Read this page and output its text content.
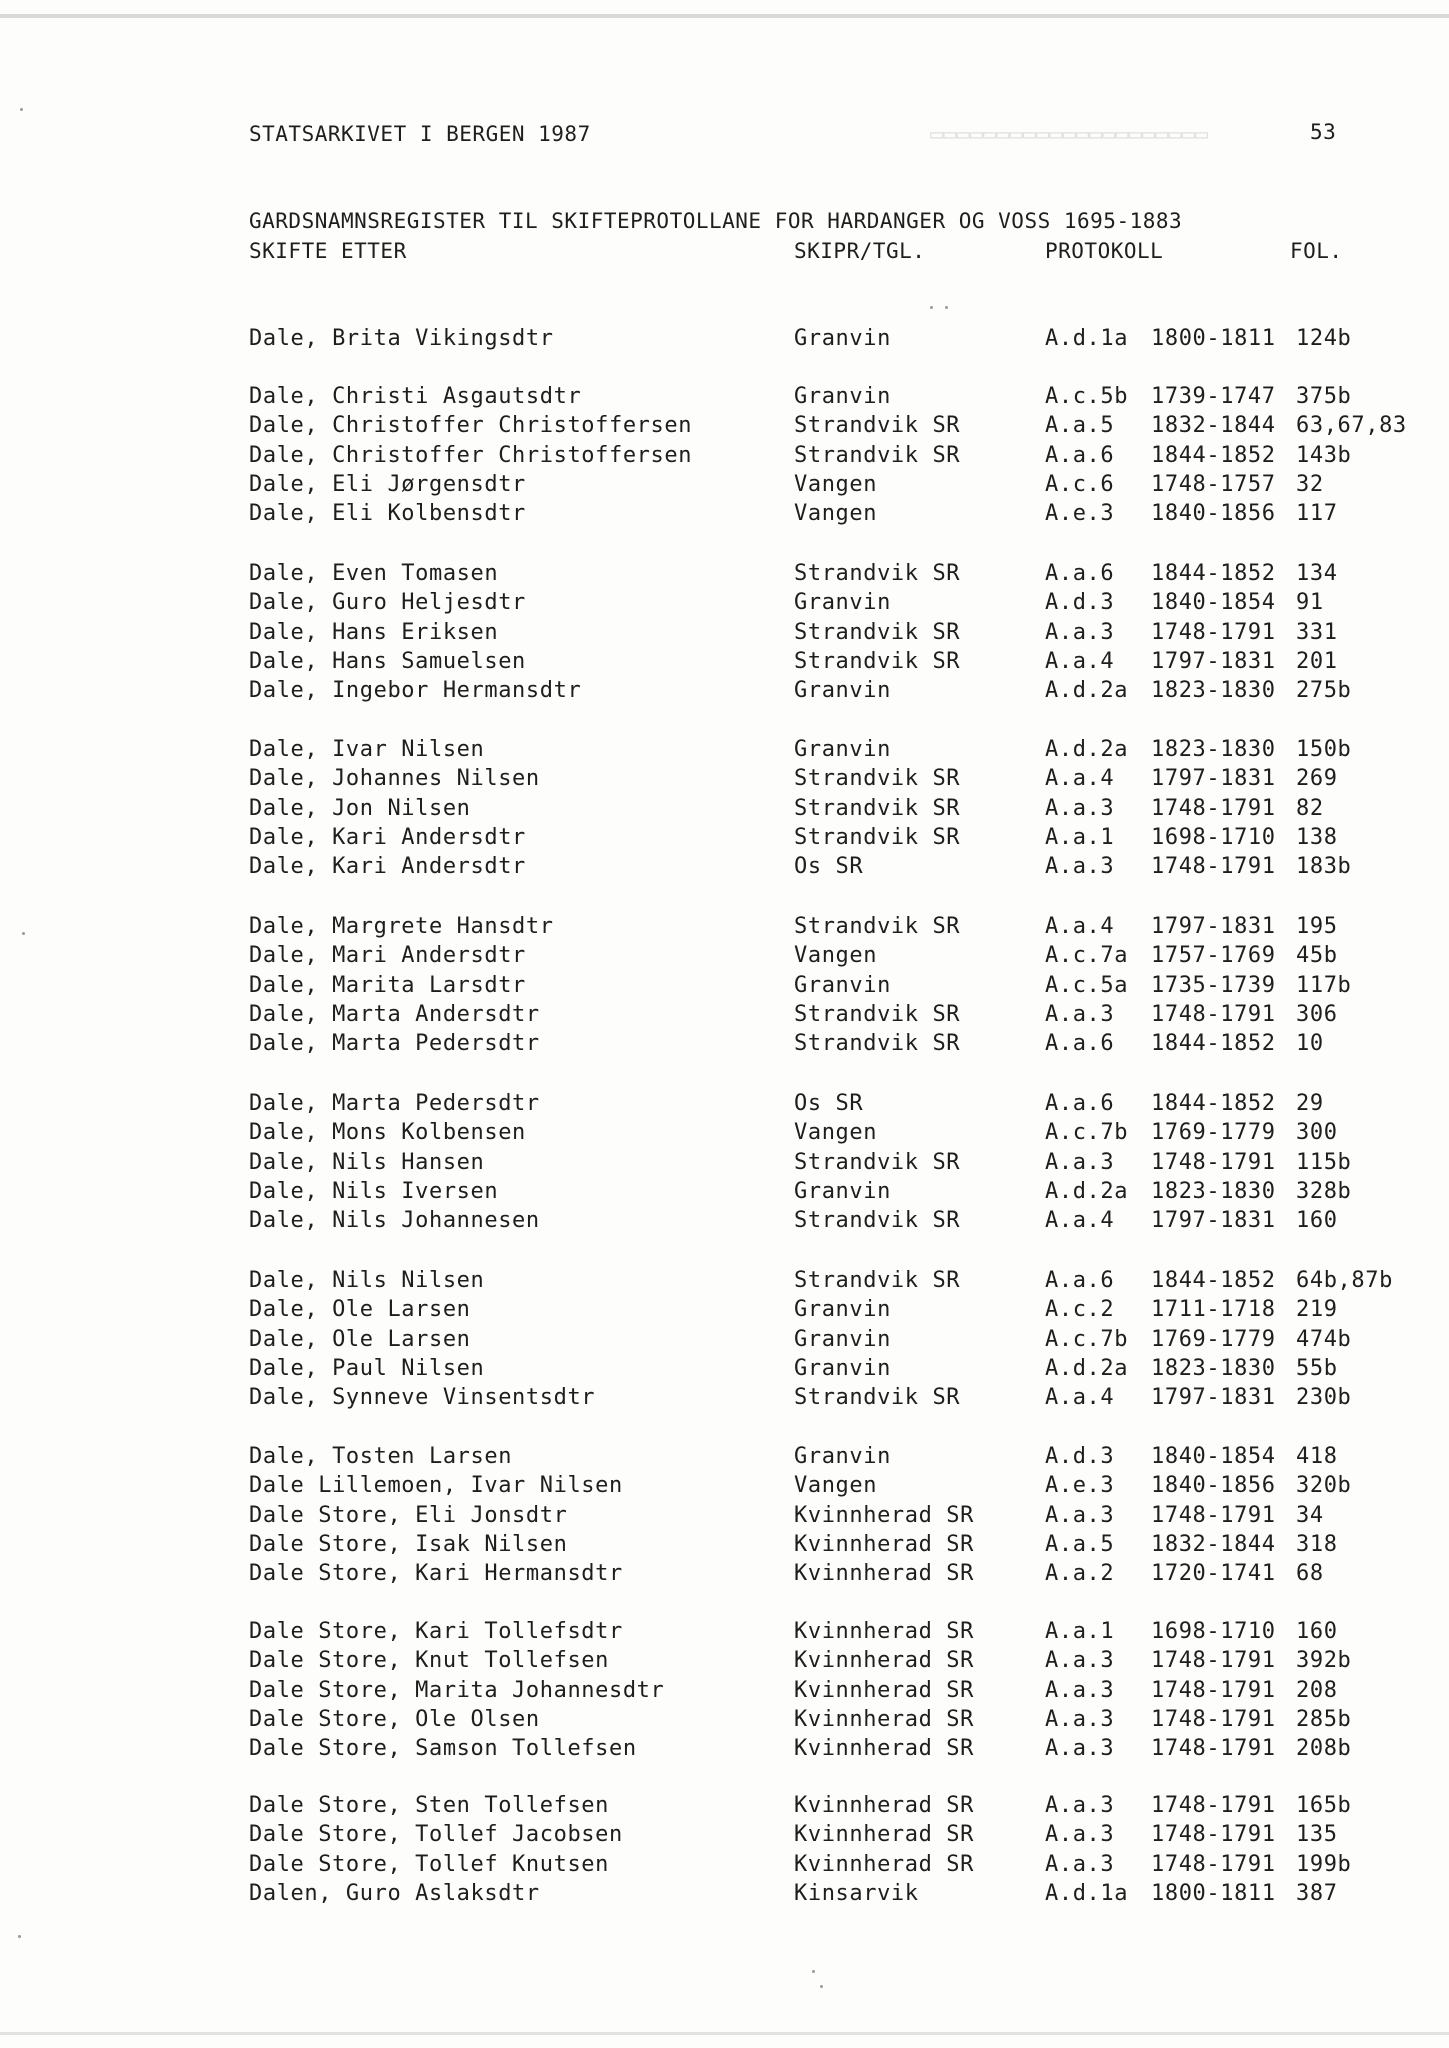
▭▭▭▭▭▭▭▭▭▭▭▭▭▭▭▭▭▭▭▭▭
STATSARKIVET I BERGEN 1987	53
GARDSNAMNSREGISTER TIL SKIFTEPROTOLLANE FOR HARDANGER OG VOSS 1695-1883
SKIFTE ETTER	SKIPR/TGL.	PROTOKOLL	FOL.
Dale, Brita Vikingsdtr	Granvin	A.d.1a 1800-1811 124b
Dale, Christi Asgautsdtr	Granvin	A.c.5b 1739-1747 375b
Dale, Christoffer Christoffersen	Strandvik SR	A.a.5 1832-1844 63,67,83
Dale, Christoffer Christoffersen	Strandvik SR	A.a.6 1844-1852 143b
Dale, Eli Jørgensdtr	Vangen	A.c.6 1748-1757 32
Dale, Eli Kolbensdtr	Vangen	A.e.3 1840-1856 117
Dale, Even Tomasen	Strandvik SR	A.a.6 1844-1852 134
Dale, Guro Heljesdtr	Granvin	A.d.3 1840-1854 91
Dale, Hans Eriksen	Strandvik SR	A.a.3 1748-1791 331
Dale, Hans Samuelsen	Strandvik SR	A.a.4 1797-1831 201
Dale, Ingebor Hermansdtr	Granvin	A.d.2a 1823-1830 275b
Dale, Ivar Nilsen	Granvin	A.d.2a 1823-1830 150b
Dale, Johannes Nilsen	Strandvik SR	A.a.4 1797-1831 269
Dale, Jon Nilsen	Strandvik SR	A.a.3 1748-1791 82
Dale, Kari Andersdtr	Strandvik SR	A.a.1 1698-1710 138
Dale, Kari Andersdtr	Os SR	A.a.3 1748-1791 183b
Dale, Margrete Hansdtr	Strandvik SR	A.a.4 1797-1831 195
Dale, Mari Andersdtr	Vangen	A.c.7a 1757-1769 45b
Dale, Marita Larsdtr	Granvin	A.c.5a 1735-1739 117b
Dale, Marta Andersdtr	Strandvik SR	A.a.3 1748-1791 306
Dale, Marta Pedersdtr	Strandvik SR	A.a.6 1844-1852 10
Dale, Marta Pedersdtr	Os SR	A.a.6 1844-1852 29
Dale, Mons Kolbensen	Vangen	A.c.7b 1769-1779 300
Dale, Nils Hansen	Strandvik SR	A.a.3 1748-1791 115b
Dale, Nils Iversen	Granvin	A.d.2a 1823-1830 328b
Dale, Nils Johannesen	Strandvik SR	A.a.4 1797-1831 160
Dale, Nils Nilsen	Strandvik SR	A.a.6 1844-1852 64b,87b
Dale, Ole Larsen	Granvin	A.c.2 1711-1718 219
Dale, Ole Larsen	Granvin	A.c.7b 1769-1779 474b
Dale, Paul Nilsen	Granvin	A.d.2a 1823-1830 55b
Dale, Synneve Vinsentsdtr	Strandvik SR	A.a.4 1797-1831 230b
Dale, Tosten Larsen	Granvin	A.d.3 1840-1854 418
Dale Lillemoen, Ivar Nilsen	Vangen	A.e.3 1840-1856 320b
Dale Store, Eli Jonsdtr	Kvinnherad SR	A.a.3 1748-1791 34
Dale Store, Isak Nilsen	Kvinnherad SR	A.a.5 1832-1844 318
Dale Store, Kari Hermansdtr	Kvinnherad SR	A.a.2 1720-1741 68
Dale Store, Kari Tollefsdtr	Kvinnherad SR	A.a.1 1698-1710 160
Dale Store, Knut Tollefsen	Kvinnherad SR	A.a.3 1748-1791 392b
Dale Store, Marita Johannesdtr	Kvinnherad SR	A.a.3 1748-1791 208
Dale Store, Ole Olsen	Kvinnherad SR	A.a.3 1748-1791 285b
Dale Store, Samson Tollefsen	Kvinnherad SR	A.a.3 1748-1791 208b
Dale Store, Sten Tollefsen	Kvinnherad SR	A.a.3 1748-1791 165b
Dale Store, Tollef Jacobsen	Kvinnherad SR	A.a.3 1748-1791 135
Dale Store, Tollef Knutsen	Kvinnherad SR	A.a.3 1748-1791 199b
Dalen, Guro Aslaksdtr	Kinsarvik	A.d.1a 1800-1811 387
